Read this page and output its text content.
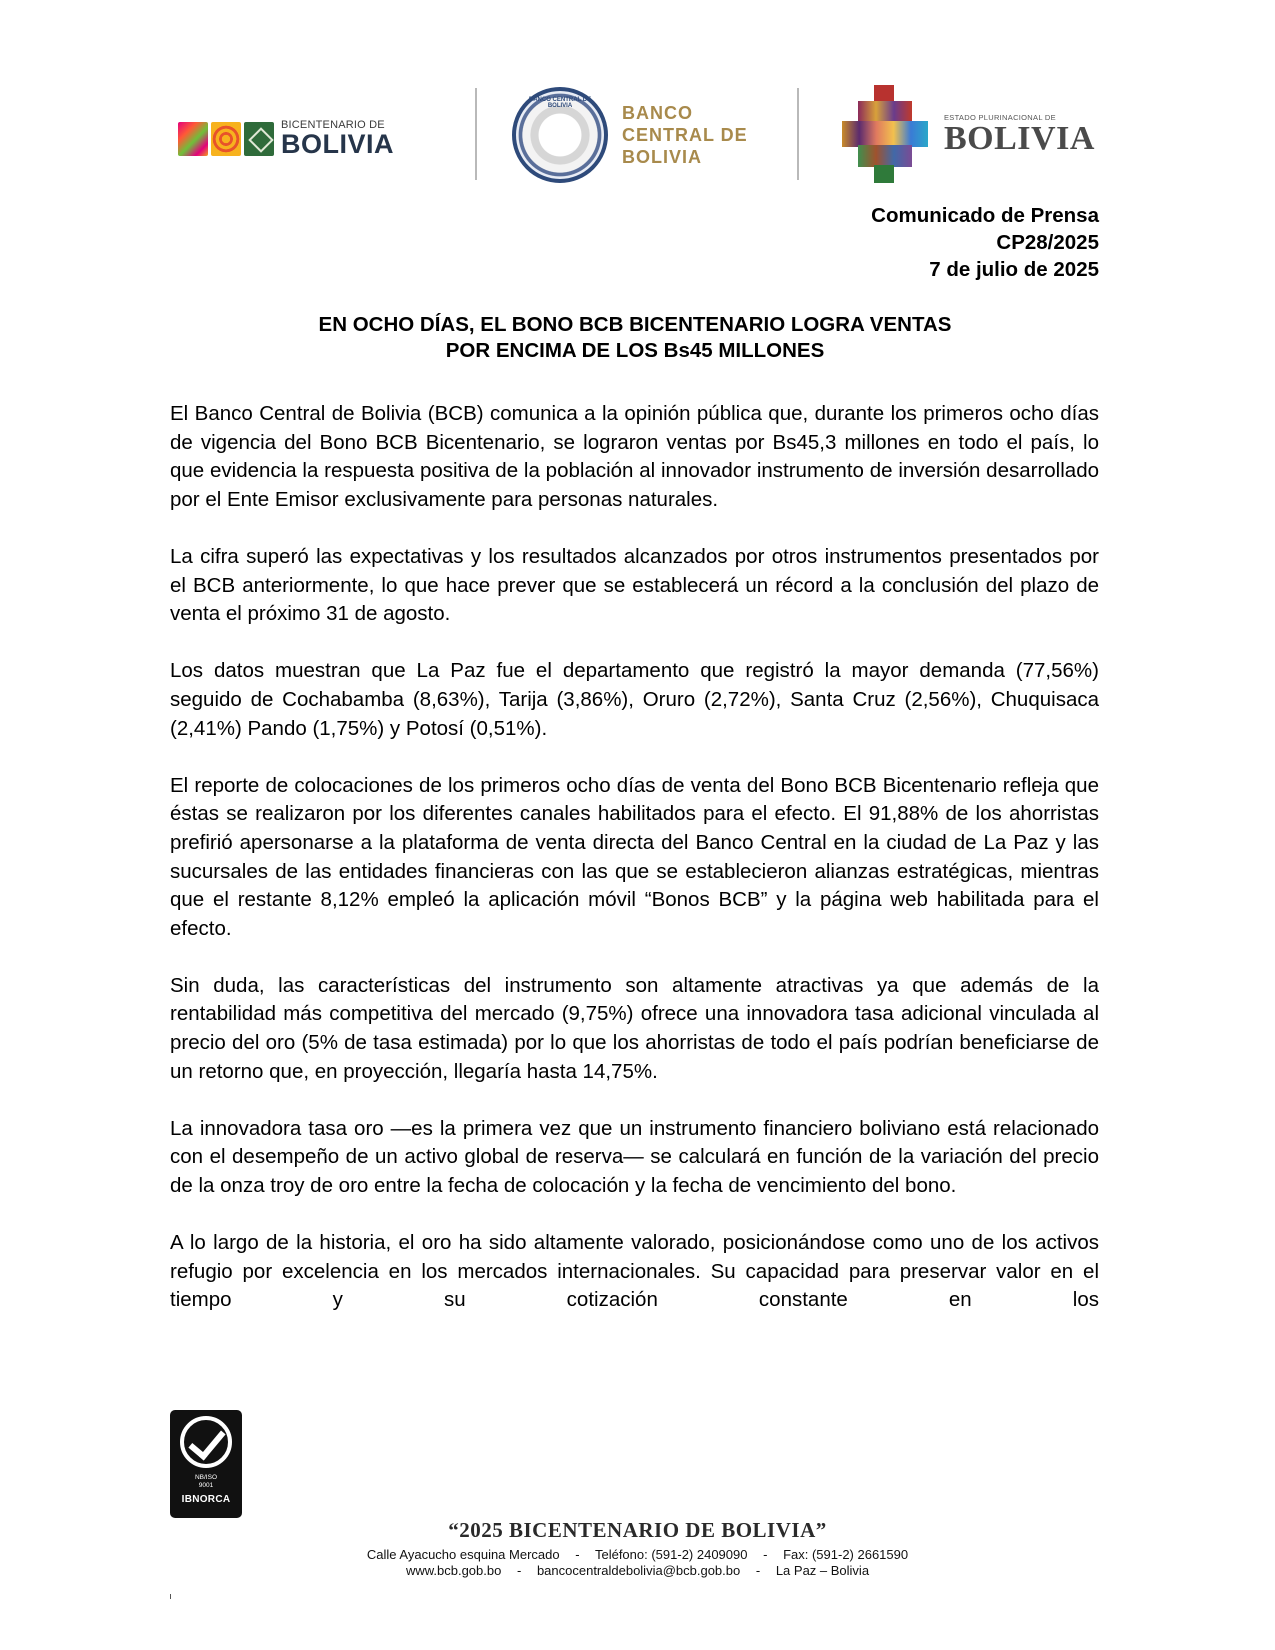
BICENTENARIO DE
BOLIVIA
BANCO CENTRAL DE BOLIVIA	BANCO
CENTRAL DE
BOLIVIA
ESTADO PLURINACIONAL DE
BOLIVIA
Comunicado de Prensa
CP28/2025
7 de julio de 2025
EN OCHO DÍAS, EL BONO BCB BICENTENARIO LOGRA VENTAS
POR ENCIMA DE LOS Bs45 MILLONES

El Banco Central de Bolivia (BCB) comunica a la opinión pública que, durante los primeros ocho días de vigencia del Bono BCB Bicentenario, se lograron ventas por Bs45,3 millones en todo el país, lo que evidencia la respuesta positiva de la población al innovador instrumento de inversión desarrollado por el Ente Emisor exclusivamente para personas naturales.

La cifra superó las expectativas y los resultados alcanzados por otros instrumentos presentados por el BCB anteriormente, lo que hace prever que se establecerá un récord a la conclusión del plazo de venta el próximo 31 de agosto.

Los datos muestran que La Paz fue el departamento que registró la mayor demanda (77,56%) seguido de Cochabamba (8,63%), Tarija (3,86%), Oruro (2,72%), Santa Cruz (2,56%), Chuquisaca (2,41%) Pando (1,75%) y Potosí (0,51%).

El reporte de colocaciones de los primeros ocho días de venta del Bono BCB Bicentenario refleja que éstas se realizaron por los diferentes canales habilitados para el efecto. El 91,88% de los ahorristas prefirió apersonarse a la plataforma de venta directa del Banco Central en la ciudad de La Paz y las sucursales de las entidades financieras con las que se establecieron alianzas estratégicas, mientras que el restante 8,12% empleó la aplicación móvil “Bonos BCB” y la página web habilitada para el efecto.

Sin duda, las características del instrumento son altamente atractivas ya que además de la rentabilidad más competitiva del mercado (9,75%) ofrece una innovadora tasa adicional vinculada al precio del oro (5% de tasa estimada) por lo que los ahorristas de todo el país podrían beneficiarse de un retorno que, en proyección, llegaría hasta 14,75%.

La innovadora tasa oro —es la primera vez que un instrumento financiero boliviano está relacionado con el desempeño de un activo global de reserva— se calculará en función de la variación del precio de la onza troy de oro entre la fecha de colocación y la fecha de vencimiento del bono.

A lo largo de la historia, el oro ha sido altamente valorado, posicionándose como uno de los activos refugio por excelencia en los mercados internacionales. Su capacidad para preservar valor en el tiempo y su cotización constante en los

NB/ISO
9001
IBNORCA
“2025 BICENTENARIO DE BOLIVIA”
Calle Ayacucho esquina Mercado - Teléfono: (591-2) 2409090 - Fax: (591-2) 2661590
www.bcb.gob.bo - bancocentraldebolivia@bcb.gob.bo - La Paz – Bolivia
